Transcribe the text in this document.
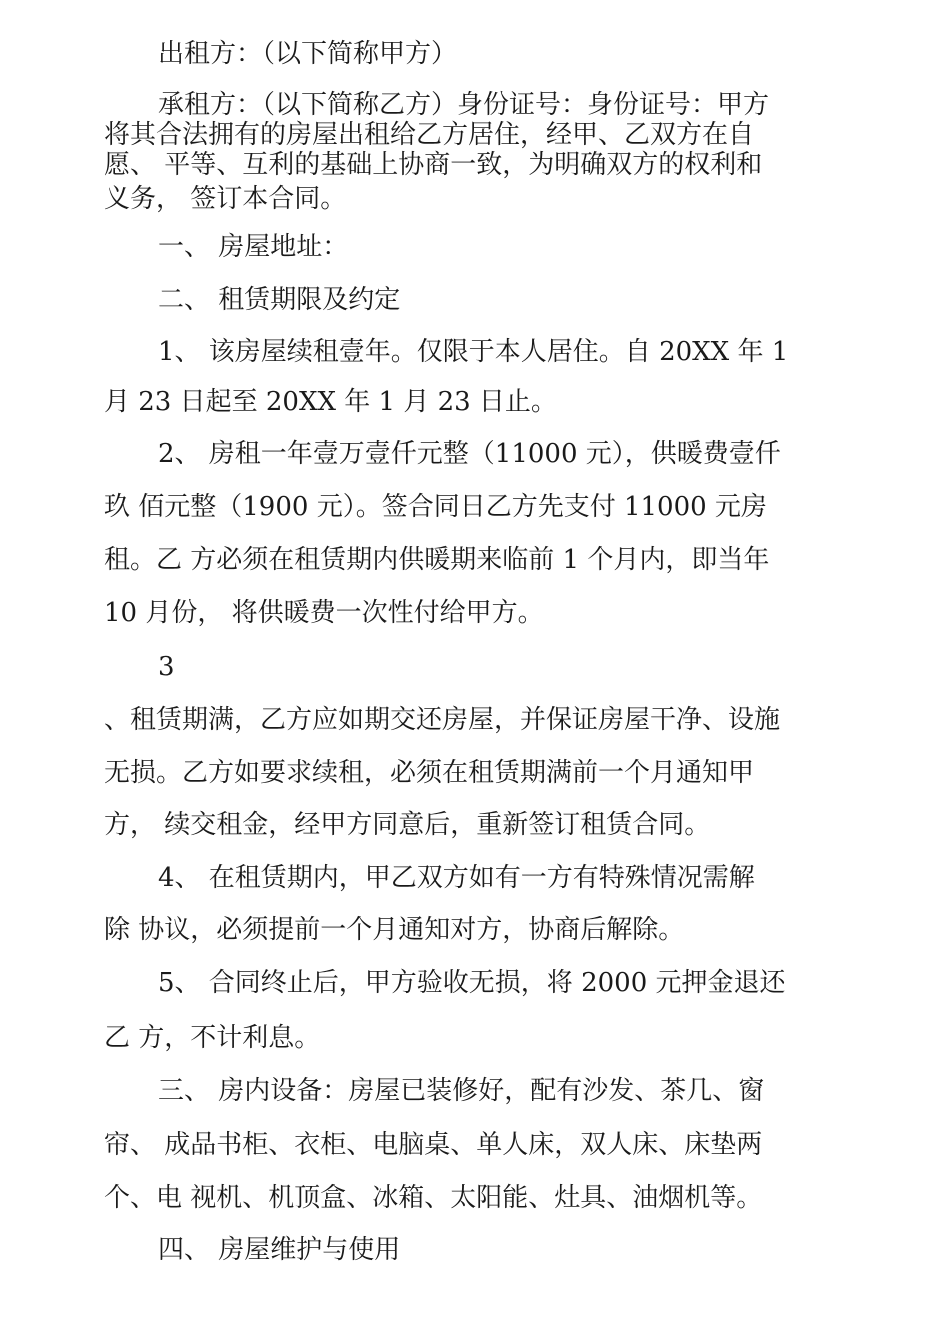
出租方：（以下简称甲方）
承租方：（以下简称乙方）身份证号：身份证号：甲方
将其合法拥有的房屋出租给乙方居住，经甲、乙双方在自
愿、 平等、互利的基础上协商一致，为明确双方的权利和
义务， 签订本合同。
一、 房屋地址：
二、 租赁期限及约定
1、 该房屋续租壹年。仅限于本人居住。自 20XX 年 1
月 23 日起至 20XX 年 1 月 23 日止。
2、 房租一年壹万壹仟元整（11000 元），供暖费壹仟
玖 佰元整（1900 元）。签合同日乙方先支付 11000 元房
租。乙 方必须在租赁期内供暖期来临前 1 个月内，即当年
10 月份， 将供暖费一次性付给甲方。
3
、租赁期满，乙方应如期交还房屋，并保证房屋干净、设施
无损。乙方如要求续租，必须在租赁期满前一个月通知甲
方， 续交租金，经甲方同意后，重新签订租赁合同。
4、 在租赁期内，甲乙双方如有一方有特殊情况需解
除 协议，必须提前一个月通知对方，协商后解除。
5、 合同终止后，甲方验收无损，将 2000 元押金退还
乙 方，不计利息。
三、 房内设备：房屋已装修好，配有沙发、茶几、窗
帘、 成品书柜、衣柜、电脑桌、单人床，双人床、床垫两
个、电 视机、机顶盒、冰箱、太阳能、灶具、油烟机等。
四、 房屋维护与使用
